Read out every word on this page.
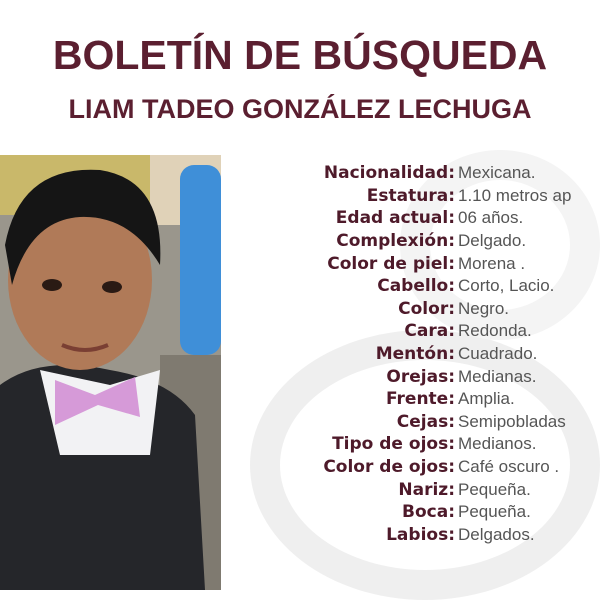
BOLETÍN DE BÚSQUEDA
LIAM TADEO GONZÁLEZ LECHUGA
Nacionalidad: Mexicana.
Estatura: 1.10 metros ap
Edad actual: 06 años.
Complexión: Delgado.
Color de piel: Morena .
Cabello: Corto, Lacio.
Color: Negro.
Cara: Redonda.
Mentón: Cuadrado.
Orejas: Medianas.
Frente: Amplia.
Cejas: Semipobladas
Tipo de ojos: Medianos.
Color de ojos: Café oscuro .
Nariz: Pequeña.
Boca: Pequeña.
Labios: Delgados.
